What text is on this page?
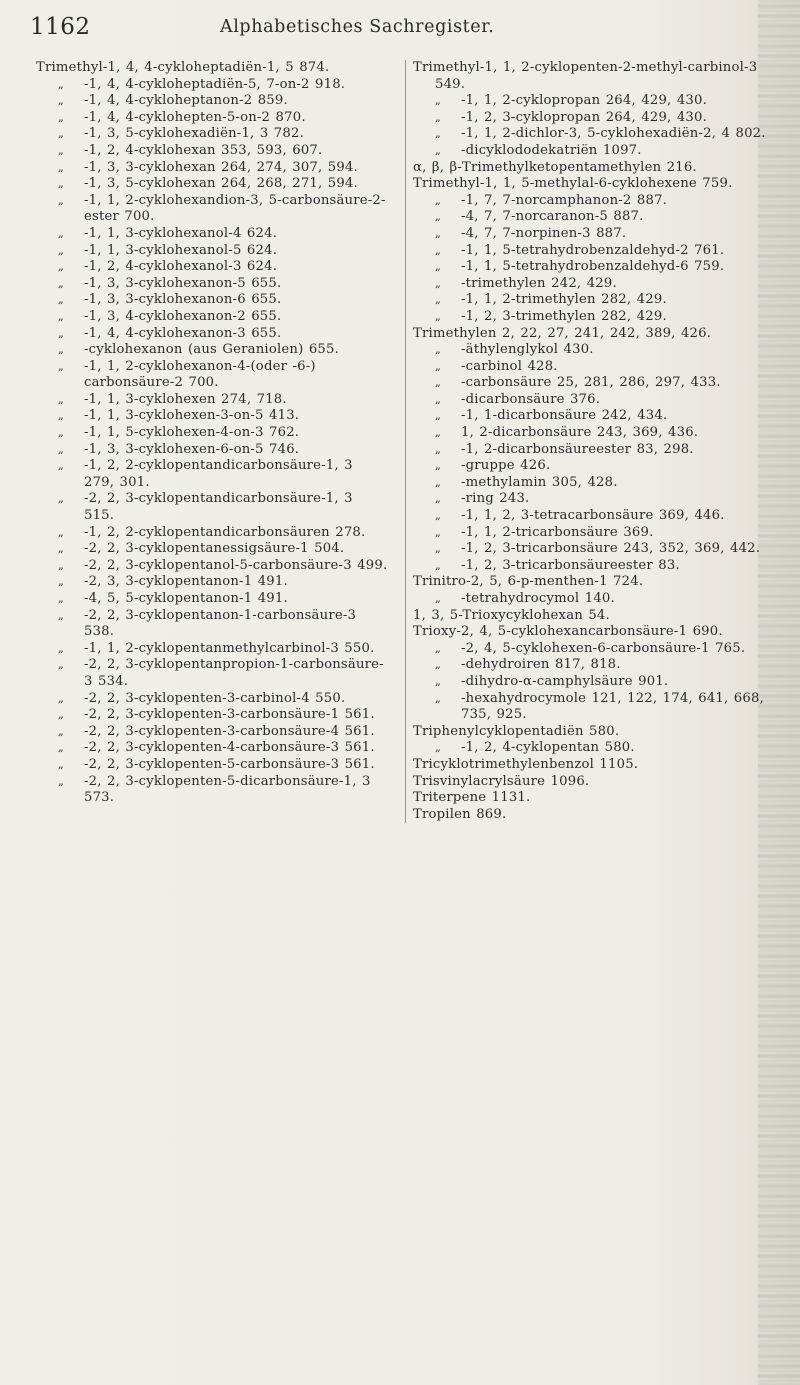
1162	Alphabetisches Sachregister.

Trimethyl-1, 4, 4-cykloheptadiën-1, 5 874.

„ -1, 4, 4-cykloheptadiën-5, 7-on-2 918.

„ -1, 4, 4-cykloheptanon-2 859.

„ -1, 4, 4-cyklohepten-5-on-2 870.

„ -1, 3, 5-cyklohexadiën-1, 3 782.

„ -1, 2, 4-cyklohexan 353, 593, 607.

„ -1, 3, 3-cyklohexan 264, 274, 307, 594.

„ -1, 3, 5-cyklohexan 264, 268, 271, 594.

„ -1, 1, 2-cyklohexandion-3, 5-carbonsäure-2-ester 700.

„ -1, 1, 3-cyklohexanol-4 624.

„ -1, 1, 3-cyklohexanol-5 624.

„ -1, 2, 4-cyklohexanol-3 624.

„ -1, 3, 3-cyklohexanon-5 655.

„ -1, 3, 3-cyklohexanon-6 655.

„ -1, 3, 4-cyklohexanon-2 655.

„ -1, 4, 4-cyklohexanon-3 655.

„ -cyklohexanon (aus Geraniolen) 655.

„ -1, 1, 2-cyklohexanon-4-(oder -6-) carbonsäure-2 700.

„ -1, 1, 3-cyklohexen 274, 718.

„ -1, 1, 3-cyklohexen-3-on-5 413.

„ -1, 1, 5-cyklohexen-4-on-3 762.

„ -1, 3, 3-cyklohexen-6-on-5 746.

„ -1, 2, 2-cyklopentandicarbonsäure-1, 3 279, 301.

„ -2, 2, 3-cyklopentandicarbonsäure-1, 3 515.

„ -1, 2, 2-cyklopentandicarbonsäuren 278.

„ -2, 2, 3-cyklopentanessigsäure-1 504.

„ -2, 2, 3-cyklopentanol-5-carbonsäure-3 499.

„ -2, 3, 3-cyklopentanon-1 491.

„ -4, 5, 5-cyklopentanon-1 491.

„ -2, 2, 3-cyklopentanon-1-carbonsäure-3 538.

„ -1, 1, 2-cyklopentanmethylcarbinol-3 550.

„ -2, 2, 3-cyklopentanpropion-1-carbonsäure-3 534.

„ -2, 2, 3-cyklopenten-3-carbinol-4 550.

„ -2, 2, 3-cyklopenten-3-carbonsäure-1 561.

„ -2, 2, 3-cyklopenten-3-carbonsäure-4 561.

„ -2, 2, 3-cyklopenten-4-carbonsäure-3 561.

„ -2, 2, 3-cyklopenten-5-carbonsäure-3 561.

„ -2, 2, 3-cyklopenten-5-dicarbonsäure-1, 3 573.

Trimethyl-1, 1, 2-cyklopenten-2-methyl-carbinol-3 549.

„ -1, 1, 2-cyklopropan 264, 429, 430.

„ -1, 2, 3-cyklopropan 264, 429, 430.

„ -1, 1, 2-dichlor-3, 5-cyklohexadiën-2, 4 802.

„ -dicyklododekatriën 1097.

α, β, β-Trimethylketopentamethylen 216.

Trimethyl-1, 1, 5-methylal-6-cyklohexene 759.

„ -1, 7, 7-norcamphanon-2 887.

„ -4, 7, 7-norcaranon-5 887.

„ -4, 7, 7-norpinen-3 887.

„ -1, 1, 5-tetrahydrobenzaldehyd-2 761.

„ -1, 1, 5-tetrahydrobenzaldehyd-6 759.

„ -trimethylen 242, 429.

„ -1, 1, 2-trimethylen 282, 429.

„ -1, 2, 3-trimethylen 282, 429.

Trimethylen 2, 22, 27, 241, 242, 389, 426.

„ -äthylenglykol 430.

„ -carbinol 428.

„ -carbonsäure 25, 281, 286, 297, 433.

„ -dicarbonsäure 376.

„ -1, 1-dicarbonsäure 242, 434.

„ 1, 2-dicarbonsäure 243, 369, 436.

„ -1, 2-dicarbonsäureester 83, 298.

„ -gruppe 426.

„ -methylamin 305, 428.

„ -ring 243.

„ -1, 1, 2, 3-tetracarbonsäure 369, 446.

„ -1, 1, 2-tricarbonsäure 369.

„ -1, 2, 3-tricarbonsäure 243, 352, 369, 442.

„ -1, 2, 3-tricarbonsäureester 83.

Trinitro-2, 5, 6-p-menthen-1 724.

„ -tetrahydrocymol 140.

1, 3, 5-Trioxycyklohexan 54.

Trioxy-2, 4, 5-cyklohexancarbonsäure-1 690.

„ -2, 4, 5-cyklohexen-6-carbonsäure-1 765.

„ -dehydroiren 817, 818.

„ -dihydro-α-camphylsäure 901.

„ -hexahydrocymole 121, 122, 174, 641, 668, 735, 925.

Triphenylcyklopentadiën 580.

„ -1, 2, 4-cyklopentan 580.

Tricyklotrimethylenbenzol 1105.

Trisvinylacrylsäure 1096.

Triterpene 1131.

Tropilen 869.
